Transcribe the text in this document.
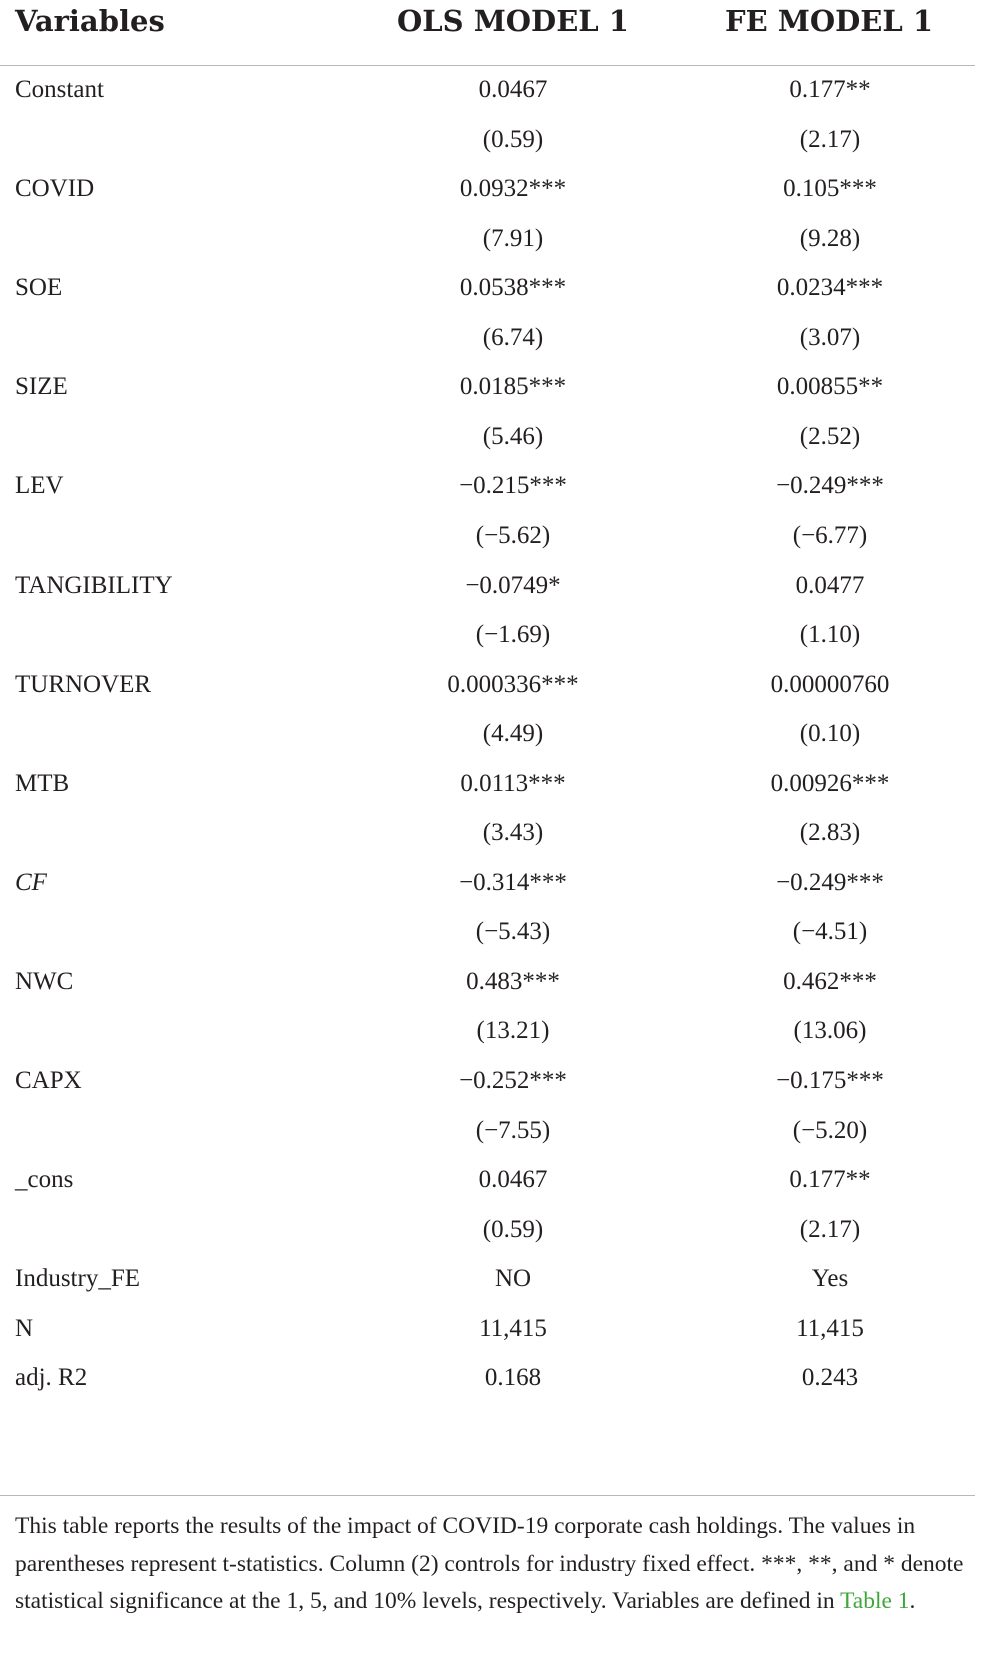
Variables	OLS MODEL 1	FE MODEL 1
Constant	0.0467	0.177**
(0.59)	(2.17)
COVID	0.0932***	0.105***
(7.91)	(9.28)
SOE	0.0538***	0.0234***
(6.74)	(3.07)
SIZE	0.0185***	0.00855**
(5.46)	(2.52)
LEV	−0.215***	−0.249***
(−5.62)	(−6.77)
TANGIBILITY	−0.0749*	0.0477
(−1.69)	(1.10)
TURNOVER	0.000336***	0.00000760
(4.49)	(0.10)
MTB	0.0113***	0.00926***
(3.43)	(2.83)
CF	−0.314***	−0.249***
(−5.43)	(−4.51)
NWC	0.483***	0.462***
(13.21)	(13.06)
CAPX	−0.252***	−0.175***
(−7.55)	(−5.20)
_cons	0.0467	0.177**
(0.59)	(2.17)
Industry_FE	NO	Yes
N	11,415	11,415
adj. R2	0.168	0.243
This table reports the results of the impact of COVID-19 corporate cash holdings. The values in parentheses represent t-statistics. Column (2) controls for industry fixed effect. ***, **, and * denote statistical significance at the 1, 5, and 10% levels, respectively. Variables are defined in Table 1.
